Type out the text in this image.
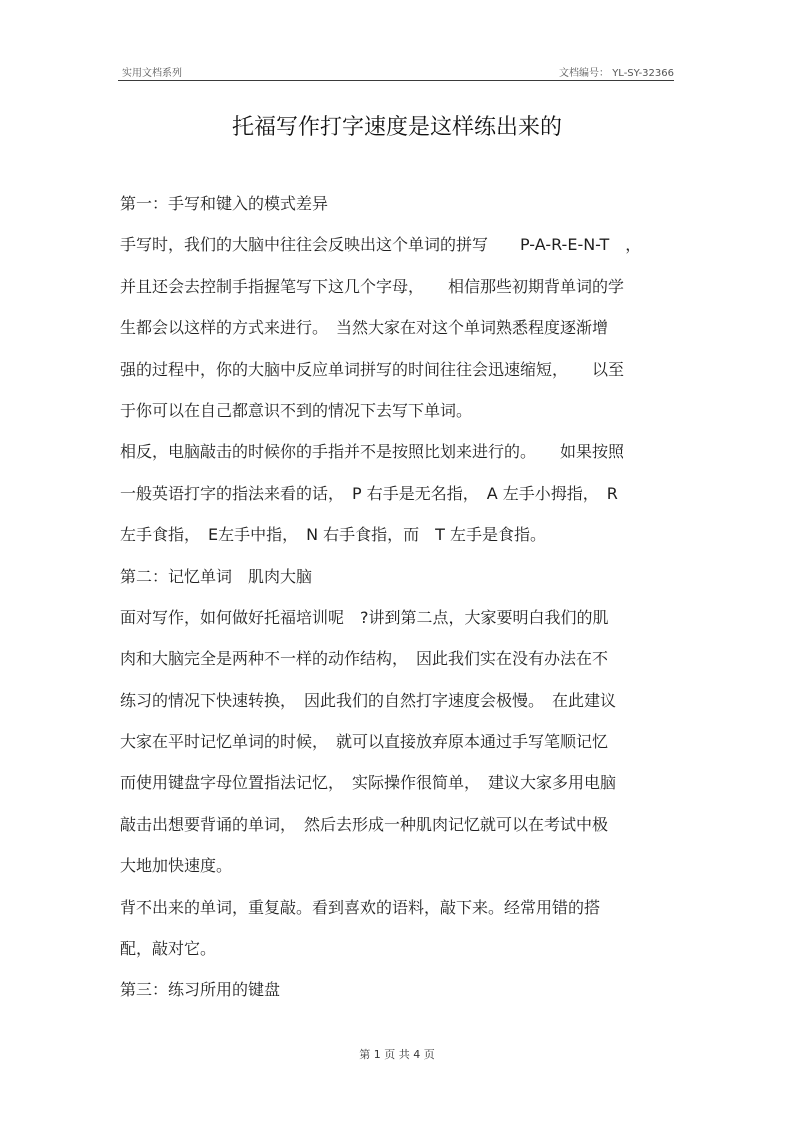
实用文档系列	文档编号： YL-SY-32366
托福写作打字速度是这样练出来的
第一：手写和键入的模式差异
手写时，我们的大脑中往往会反映出这个单词的拼写　　P-A-R-E-N-T　，
并且还会去控制手指握笔写下这几个字母，　　相信那些初期背单词的学
生都会以这样的方式来进行。　当然大家在对这个单词熟悉程度逐渐增
强的过程中，你的大脑中反应单词拼写的时间往往会迅速缩短，　　以至
于你可以在自己都意识不到的情况下去写下单词。
相反，电脑敲击的时候你的手指并不是按照比划来进行的。　　如果按照
一般英语打字的指法来看的话，　P 右手是无名指，　A 左手小拇指，　R
左手食指，　E左手中指，　N 右手食指，而　T 左手是食指。
第二：记忆单词　肌肉大脑
面对写作，如何做好托福培训呢　?讲到第二点，大家要明白我们的肌
肉和大脑完全是两种不一样的动作结构，　因此我们实在没有办法在不
练习的情况下快速转换，　因此我们的自然打字速度会极慢。　在此建议
大家在平时记忆单词的时候，　就可以直接放弃原本通过手写笔顺记忆
而使用键盘字母位置指法记忆，　实际操作很简单，　建议大家多用电脑
敲击出想要背诵的单词，　然后去形成一种肌肉记忆就可以在考试中极
大地加快速度。
背不出来的单词，重复敲。看到喜欢的语料，敲下来。经常用错的搭
配，敲对它。
第三：练习所用的键盘
第 1 页 共 4 页
